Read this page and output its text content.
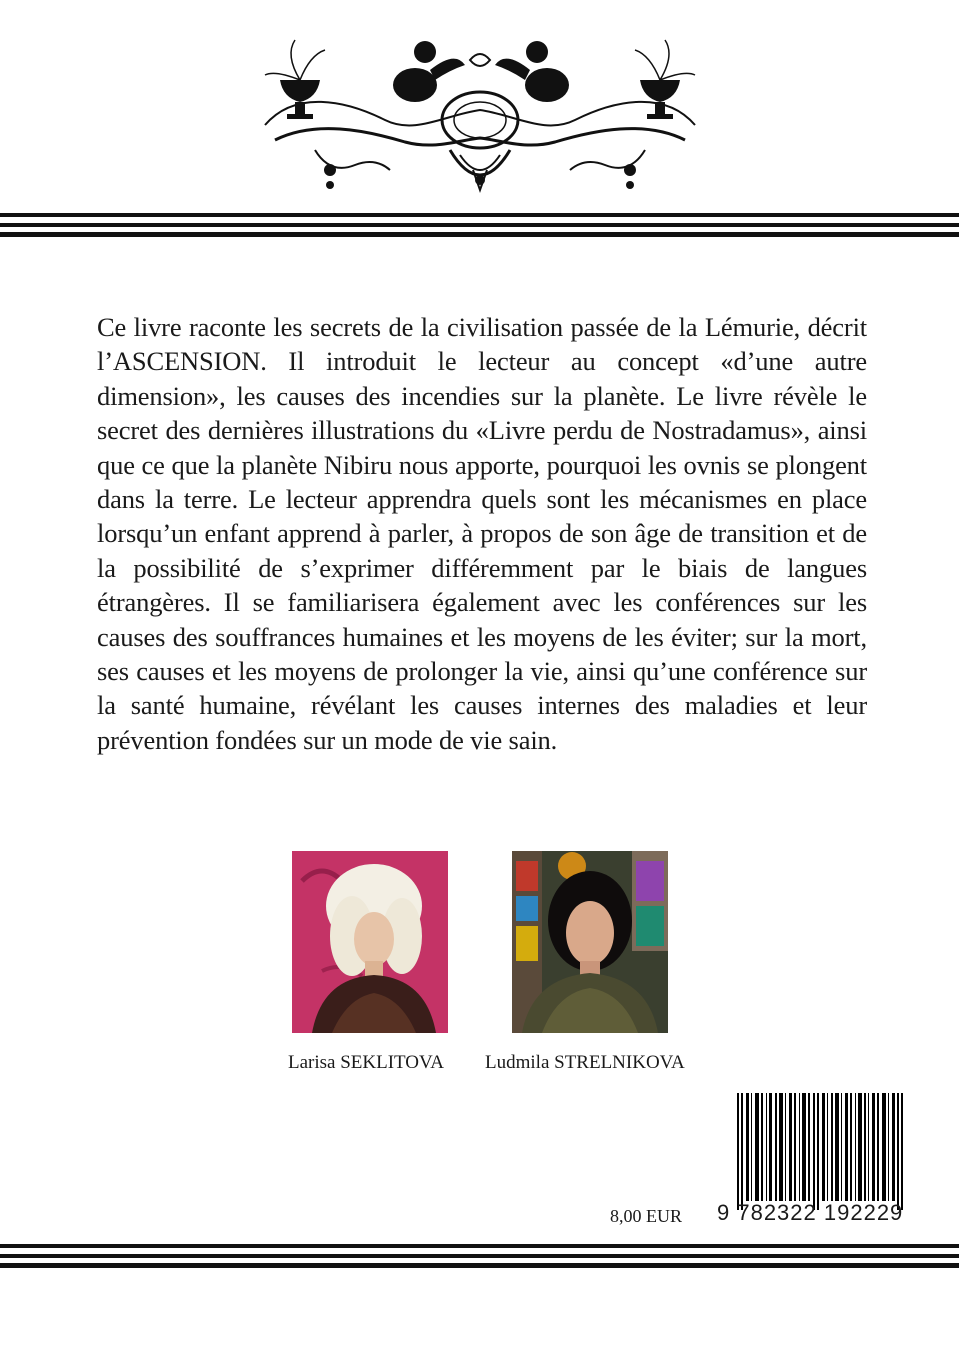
Ce livre raconte les secrets de la civilisation passée de la Lémurie, décrit l’ASCENSION. Il introduit le lecteur au concept «d’une autre dimension», les causes des incendies sur la planète. Le livre révèle le secret des dernières illustrations du «Livre perdu de Nostradamus», ainsi que ce que la planète Nibiru nous apporte, pourquoi les ovnis se plongent dans la terre. Le lecteur apprendra quels sont les mécanismes en place lorsqu’un enfant apprend à parler, à propos de son âge de transition et de la possibilité de s’exprimer différemment par le biais de langues étrangères. Il se familiarisera également avec les conférences sur les causes des souffrances humaines et les moyens de les éviter; sur la mort, ses causes et les moyens de prolonger la vie, ainsi qu’une conférence sur la santé humaine, révélant les causes internes des maladies et leur prévention fondées sur un mode de vie sain.

Larisa SEKLITOVA Ludmila STRELNIKOVA
8,00 EUR 9 782322 192229
